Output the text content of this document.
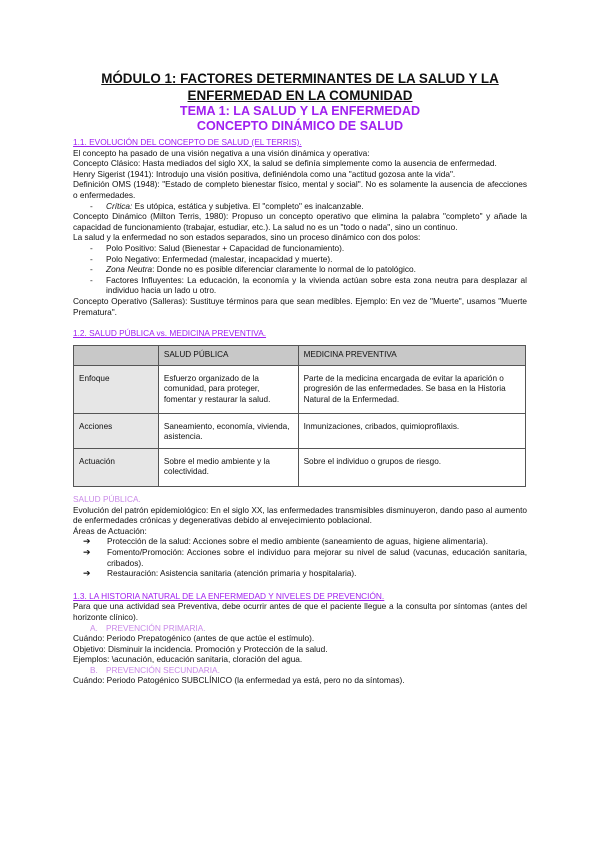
MÓDULO 1: FACTORES DETERMINANTES DE LA SALUD Y LA ENFERMEDAD EN LA COMUNIDAD
TEMA 1: LA SALUD Y LA ENFERMEDAD
CONCEPTO DINÁMICO DE SALUD
1.1. EVOLUCIÓN DEL CONCEPTO DE SALUD (EL TERRIS).

El concepto ha pasado de una visión negativa a una visión dinámica y operativa:

Concepto Clásico: Hasta mediados del siglo XX, la salud se definía simplemente como la ausencia de enfermedad.

Henry Sigerist (1941): Introdujo una visión positiva, definiéndola como una "actitud gozosa ante la vida".

Definición OMS (1948): "Estado de completo bienestar físico, mental y social". No es solamente la ausencia de afecciones o enfermedades.

- Crítica: Es utópica, estática y subjetiva. El "completo" es inalcanzable.

Concepto Dinámico (Milton Terris, 1980): Propuso un concepto operativo que elimina la palabra "completo" y añade la capacidad de funcionamiento (trabajar, estudiar, etc.). La salud no es un "todo o nada", sino un continuo.

La salud y la enfermedad no son estados separados, sino un proceso dinámico con dos polos:

- Polo Positivo: Salud (Bienestar + Capacidad de funcionamiento).
- Polo Negativo: Enfermedad (malestar, incapacidad y muerte).
- Zona Neutra: Donde no es posible diferenciar claramente lo normal de lo patológico.
- Factores Influyentes: La educación, la economía y la vivienda actúan sobre esta zona neutra para desplazar al individuo hacia un lado u otro.

Concepto Operativo (Salleras): Sustituye términos para que sean medibles. Ejemplo: En vez de "Muerte", usamos "Muerte Prematura".

1.2. SALUD PÚBLICA vs. MEDICINA PREVENTIVA.
	SALUD PÚBLICA	MEDICINA PREVENTIVA
Enfoque	Esfuerzo organizado de la comunidad, para proteger, fomentar y restaurar la salud.	Parte de la medicina encargada de evitar la aparición o progresión de las enfermedades. Se basa en la Historia Natural de la Enfermedad.
Acciones	Saneamiento, economía, vivienda, asistencia.	Inmunizaciones, cribados, quimioprofilaxis.
Actuación	Sobre el medio ambiente y la colectividad.	Sobre el individuo o grupos de riesgo.
SALUD PÚBLICA.

Evolución del patrón epidemiológico: En el siglo XX, las enfermedades transmisibles disminuyeron, dando paso al aumento de enfermedades crónicas y degenerativas debido al envejecimiento poblacional.

Áreas de Actuación:

➔ Protección de la salud: Acciones sobre el medio ambiente (saneamiento de aguas, higiene alimentaria).
➔ Fomento/Promoción: Acciones sobre el individuo para mejorar su nivel de salud (vacunas, educación sanitaria, cribados).
➔ Restauración: Asistencia sanitaria (atención primaria y hospitalaria).
1.3. LA HISTORIA NATURAL DE LA ENFERMEDAD Y NIVELES DE PREVENCIÓN.

Para que una actividad sea Preventiva, debe ocurrir antes de que el paciente llegue a la consulta por síntomas (antes del horizonte clínico).

A. PREVENCIÓN PRIMARIA.

Cuándo: Periodo Prepatogénico (antes de que actúe el estímulo).

Objetivo: Disminuir la incidencia. Promoción y Protección de la salud.

Ejemplos: \acunación, educación sanitaria, cloración del agua.

B. PREVENCIÓN SECUNDARIA.

Cuándo: Periodo Patogénico SUBCLÍNICO (la enfermedad ya está, pero no da síntomas).
